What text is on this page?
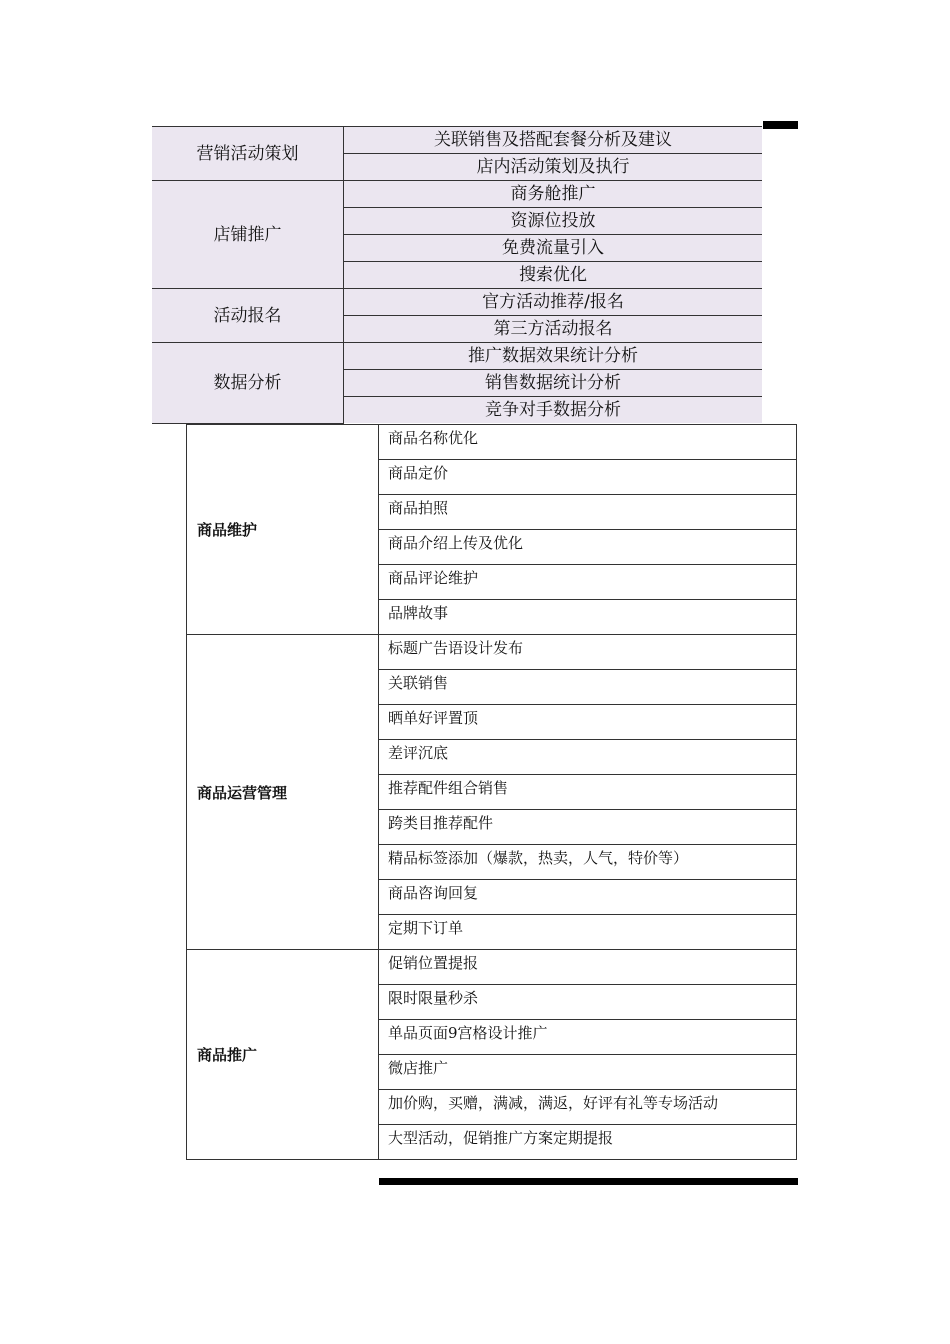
营销活动策划	关联销售及搭配套餐分析及建议
	店内活动策划及执行
店铺推广	商务舱推广
	资源位投放
	免费流量引入
	搜索优化
活动报名	官方活动推荐/报名
	第三方活动报名
数据分析	推广数据效果统计分析
	销售数据统计分析
	竞争对手数据分析
商品维护	商品名称优化
	商品定价
	商品拍照
	商品介绍上传及优化
	商品评论维护
	品牌故事
商品运营管理	标题广告语设计发布
	关联销售
	晒单好评置顶
	差评沉底
	推荐配件组合销售
	跨类目推荐配件
	精品标签添加（爆款，热卖，人气，特价等）
	商品咨询回复
	定期下订单
商品推广	促销位置提报
	限时限量秒杀
	单品页面9宫格设计推广
	微店推广
	加价购，买赠，满减，满返，好评有礼等专场活动
	大型活动，促销推广方案定期提报
